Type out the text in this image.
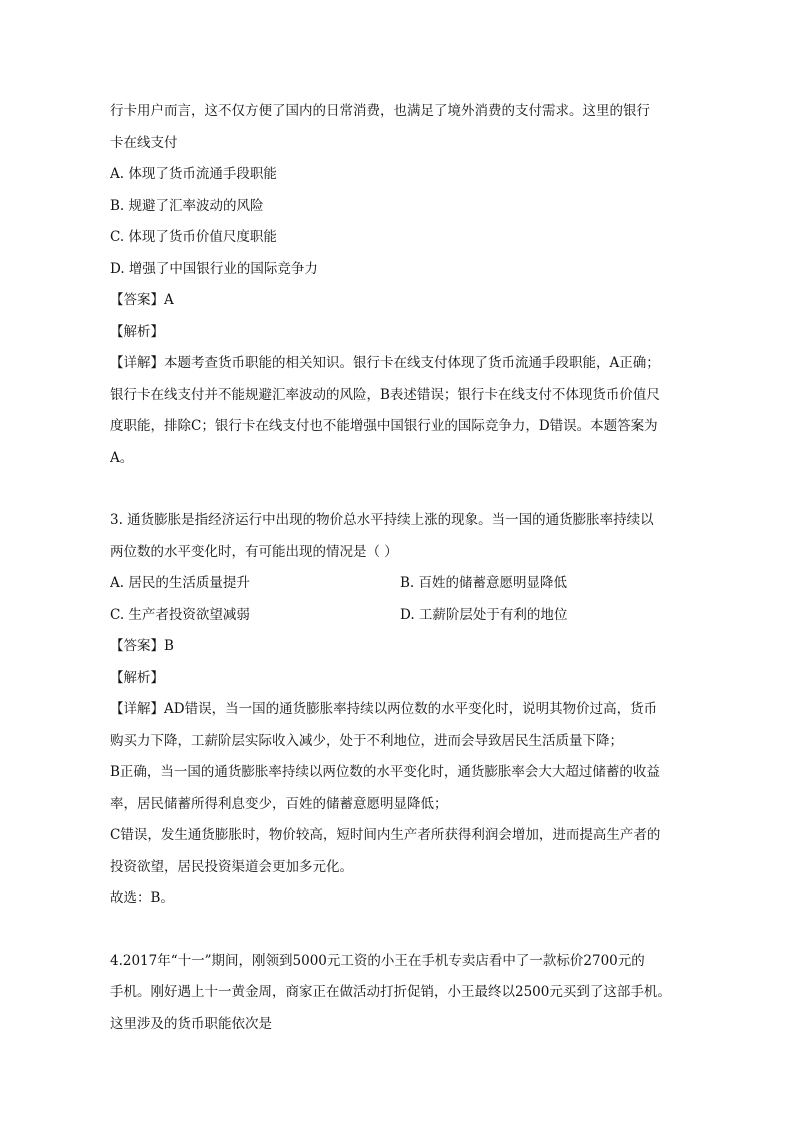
行卡用户而言，这不仅方便了国内的日常消费，也满足了境外消费的支付需求。这里的银行
卡在线支付
A. 体现了货币流通手段职能
B. 规避了汇率波动的风险
C. 体现了货币价值尺度职能
D. 增强了中国银行业的国际竞争力
【答案】A
【解析】
【详解】本题考查货币职能的相关知识。银行卡在线支付体现了货币流通手段职能，A正确；
银行卡在线支付并不能规避汇率波动的风险，B表述错误；银行卡在线支付不体现货币价值尺
度职能，排除C；银行卡在线支付也不能增强中国银行业的国际竞争力，D错误。本题答案为
A。
3. 通货膨胀是指经济运行中出现的物价总水平持续上涨的现象。当一国的通货膨胀率持续以
两位数的水平变化时，有可能出现的情况是（ ）
A. 居民的生活质量提升	B. 百姓的储蓄意愿明显降低
C. 生产者投资欲望减弱	D. 工薪阶层处于有利的地位
【答案】B
【解析】
【详解】AD错误，当一国的通货膨胀率持续以两位数的水平变化时，说明其物价过高，货币
购买力下降，工薪阶层实际收入减少，处于不利地位，进而会导致居民生活质量下降；
B正确，当一国的通货膨胀率持续以两位数的水平变化时，通货膨胀率会大大超过储蓄的收益
率，居民储蓄所得利息变少，百姓的储蓄意愿明显降低；
C错误，发生通货膨胀时，物价较高，短时间内生产者所获得利润会增加，进而提高生产者的
投资欲望，居民投资渠道会更加多元化。
故选：B。
4.2017年“十一”期间，刚领到5000元工资的小王在手机专卖店看中了一款标价2700元的
手机。刚好遇上十一黄金周，商家正在做活动打折促销，小王最终以2500元买到了这部手机。
这里涉及的货币职能依次是
